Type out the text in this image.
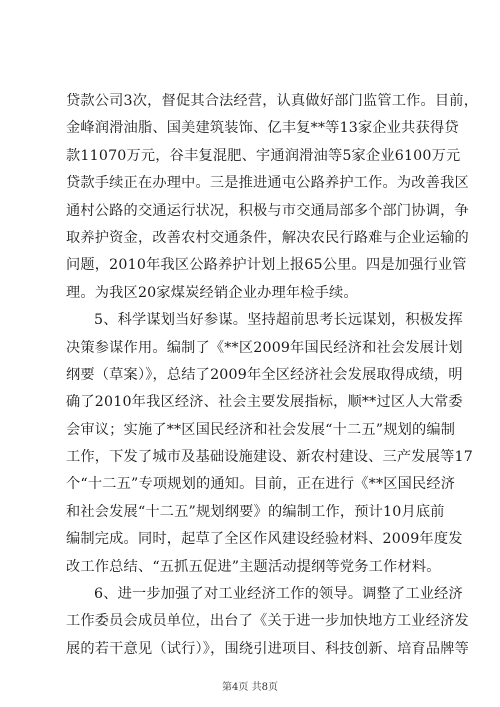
贷款公司3次，督促其合法经营，认真做好部门监管工作。目前，
金峰润滑油脂、国美建筑装饰、亿丰复**等13家企业共获得贷
款11070万元，谷丰复混肥、宇通润滑油等5家企业6100万元
贷款手续正在办理中。三是推进通屯公路养护工作。为改善我区
通村公路的交通运行状况，积极与市交通局部多个部门协调，争
取养护资金，改善农村交通条件，解决农民行路难与企业运输的
问题，2010年我区公路养护计划上报65公里。四是加强行业管
理。为我区20家煤炭经销企业办理年检手续。
5、科学谋划当好参谋。坚持超前思考长远谋划，积极发挥
决策参谋作用。编制了《**区2009年国民经济和社会发展计划
纲要（草案）》，总结了2009年全区经济社会发展取得成绩，明
确了2010年我区经济、社会主要发展指标，顺**过区人大常委
会审议；实施了**区国民经济和社会发展“十二五”规划的编制
工作，下发了城市及基础设施建设、新农村建设、三产发展等17
个“十二五”专项规划的通知。目前，正在进行《**区国民经济
和社会发展“十二五”规划纲要》的编制工作，预计10月底前
编制完成。同时，起草了全区作风建设经验材料、2009年度发
改工作总结、“五抓五促进”主题活动提纲等党务工作材料。
6、进一步加强了对工业经济工作的领导。调整了工业经济
工作委员会成员单位，出台了《关于进一步加快地方工业经济发
展的若干意见（试行）》，围绕引进项目、科技创新、培育品牌等
第4页 共8页
